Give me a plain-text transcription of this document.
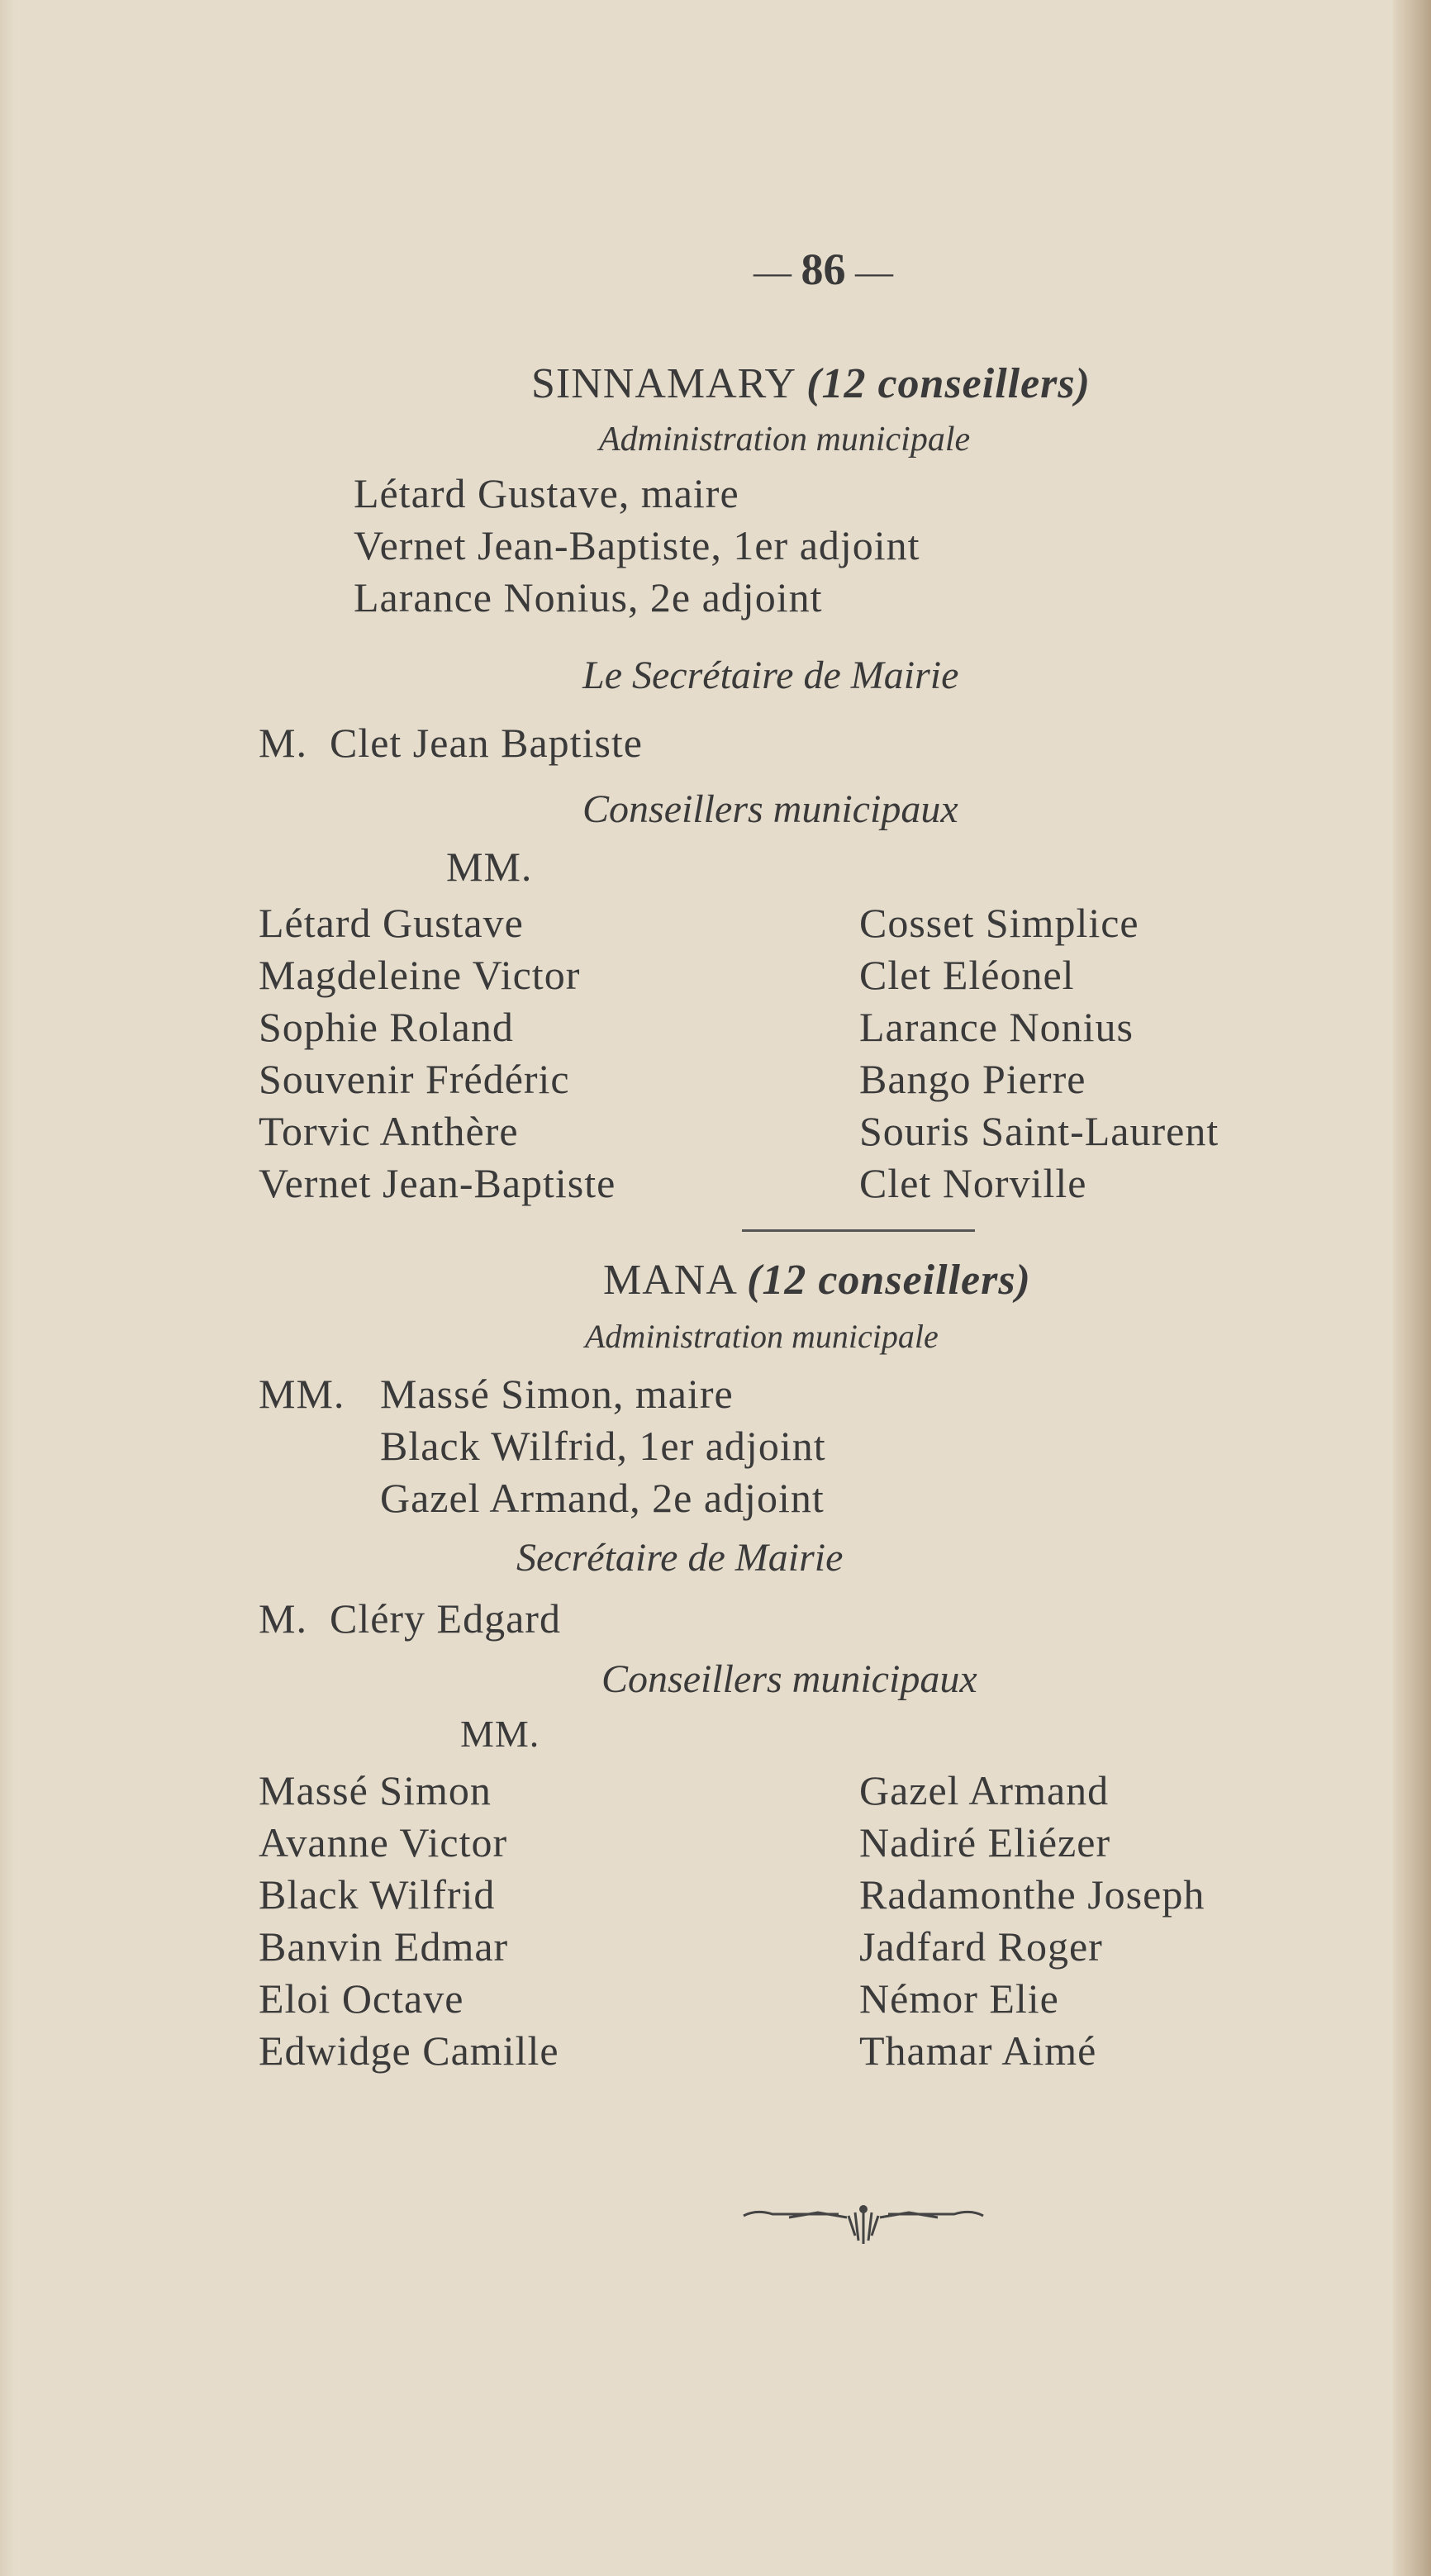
— 86 —
SINNAMARY (12 conseillers)
Administration municipale
Létard Gustave, maire
Vernet Jean-Baptiste, 1er adjoint
Larance Nonius, 2e adjoint
Le Secrétaire de Mairie
M. Clet Jean Baptiste
Conseillers municipaux
MM.
Létard Gustave
Magdeleine Victor
Sophie Roland
Souvenir Frédéric
Torvic Anthère
Vernet Jean-Baptiste
Cosset Simplice
Clet Eléonel
Larance Nonius
Bango Pierre
Souris Saint-Laurent
Clet Norville
MANA (12 conseillers)
Administration municipale
MM. Massé Simon, maire
Black Wilfrid, 1er adjoint
Gazel Armand, 2e adjoint
Secrétaire de Mairie
M. Cléry Edgard
Conseillers municipaux
MM.
Massé Simon
Avanne Victor
Black Wilfrid
Banvin Edmar
Eloi Octave
Edwidge Camille
Gazel Armand
Nadiré Eliézer
Radamonthe Joseph
Jadfard Roger
Némor Elie
Thamar Aimé
